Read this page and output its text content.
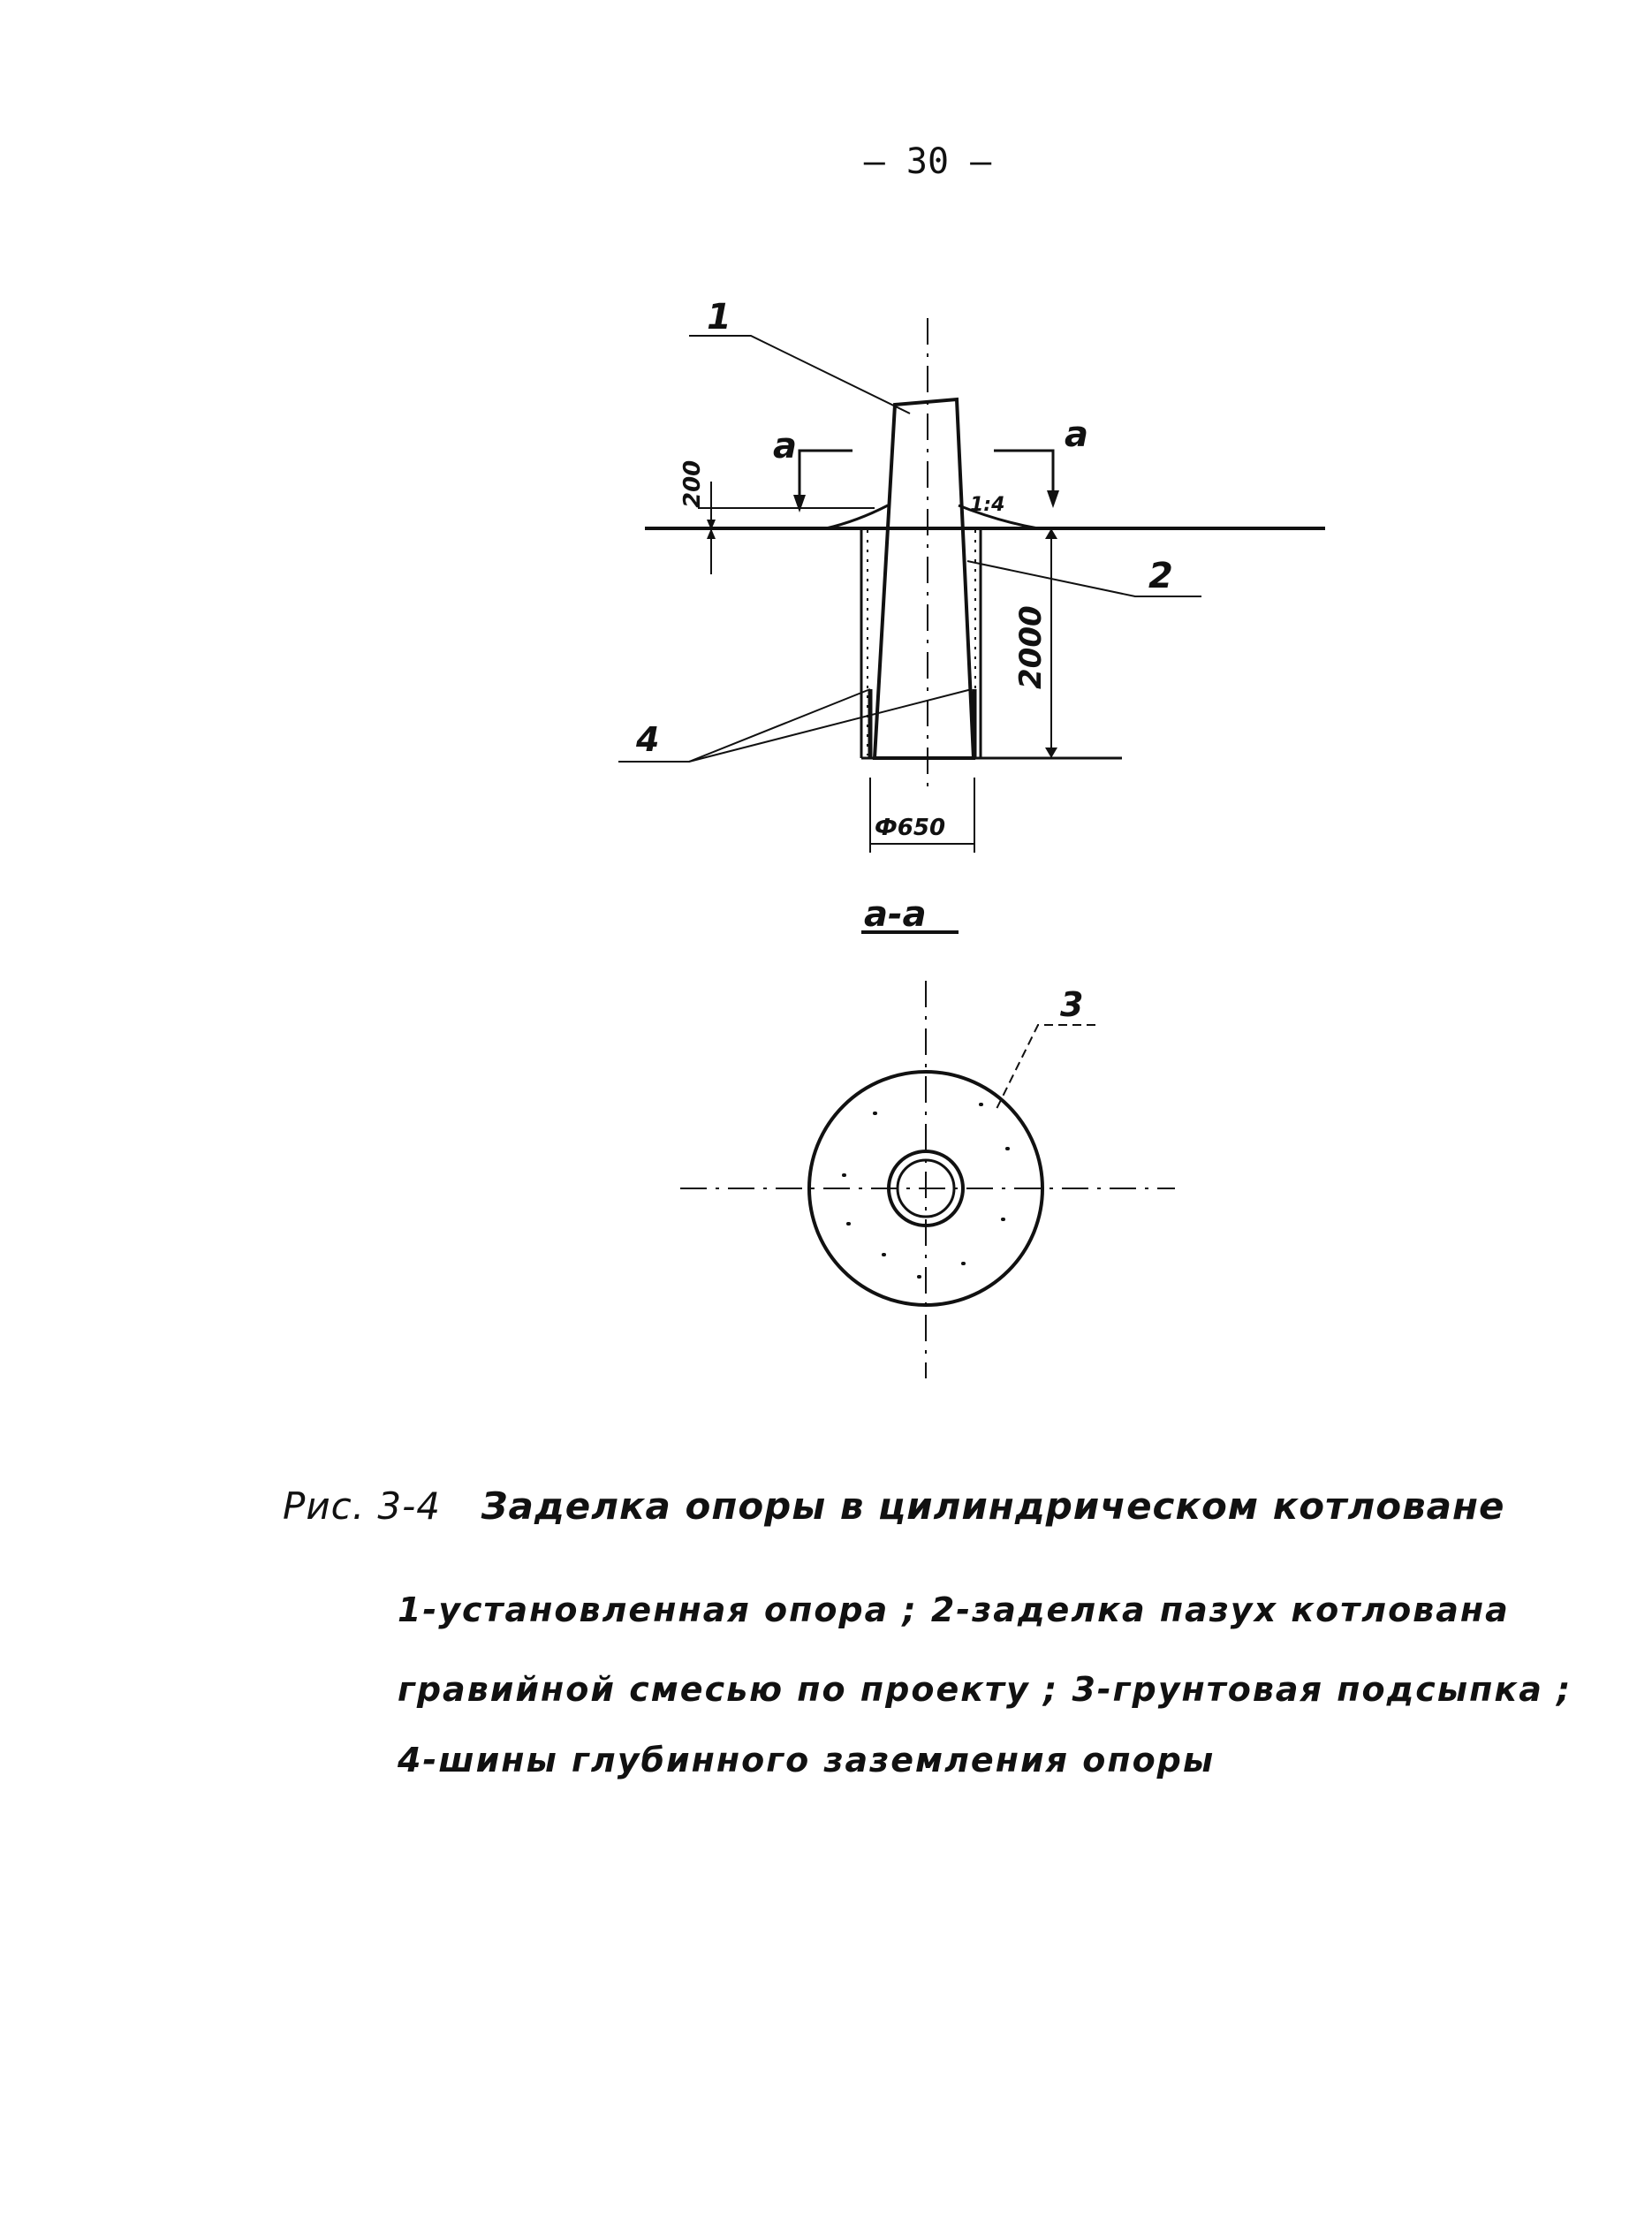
– 30 –
1
2
3
4
а	а
1:4
Ф650
200
2000
а-а
Рис. 3-4 Заделка опоры в цилиндрическом котловане
1-установленная опора ; 2-заделка пазух котлована
гравийной смесью по проекту ; 3-грунтовая подсыпка ;
4-шины глубинного заземления опоры
